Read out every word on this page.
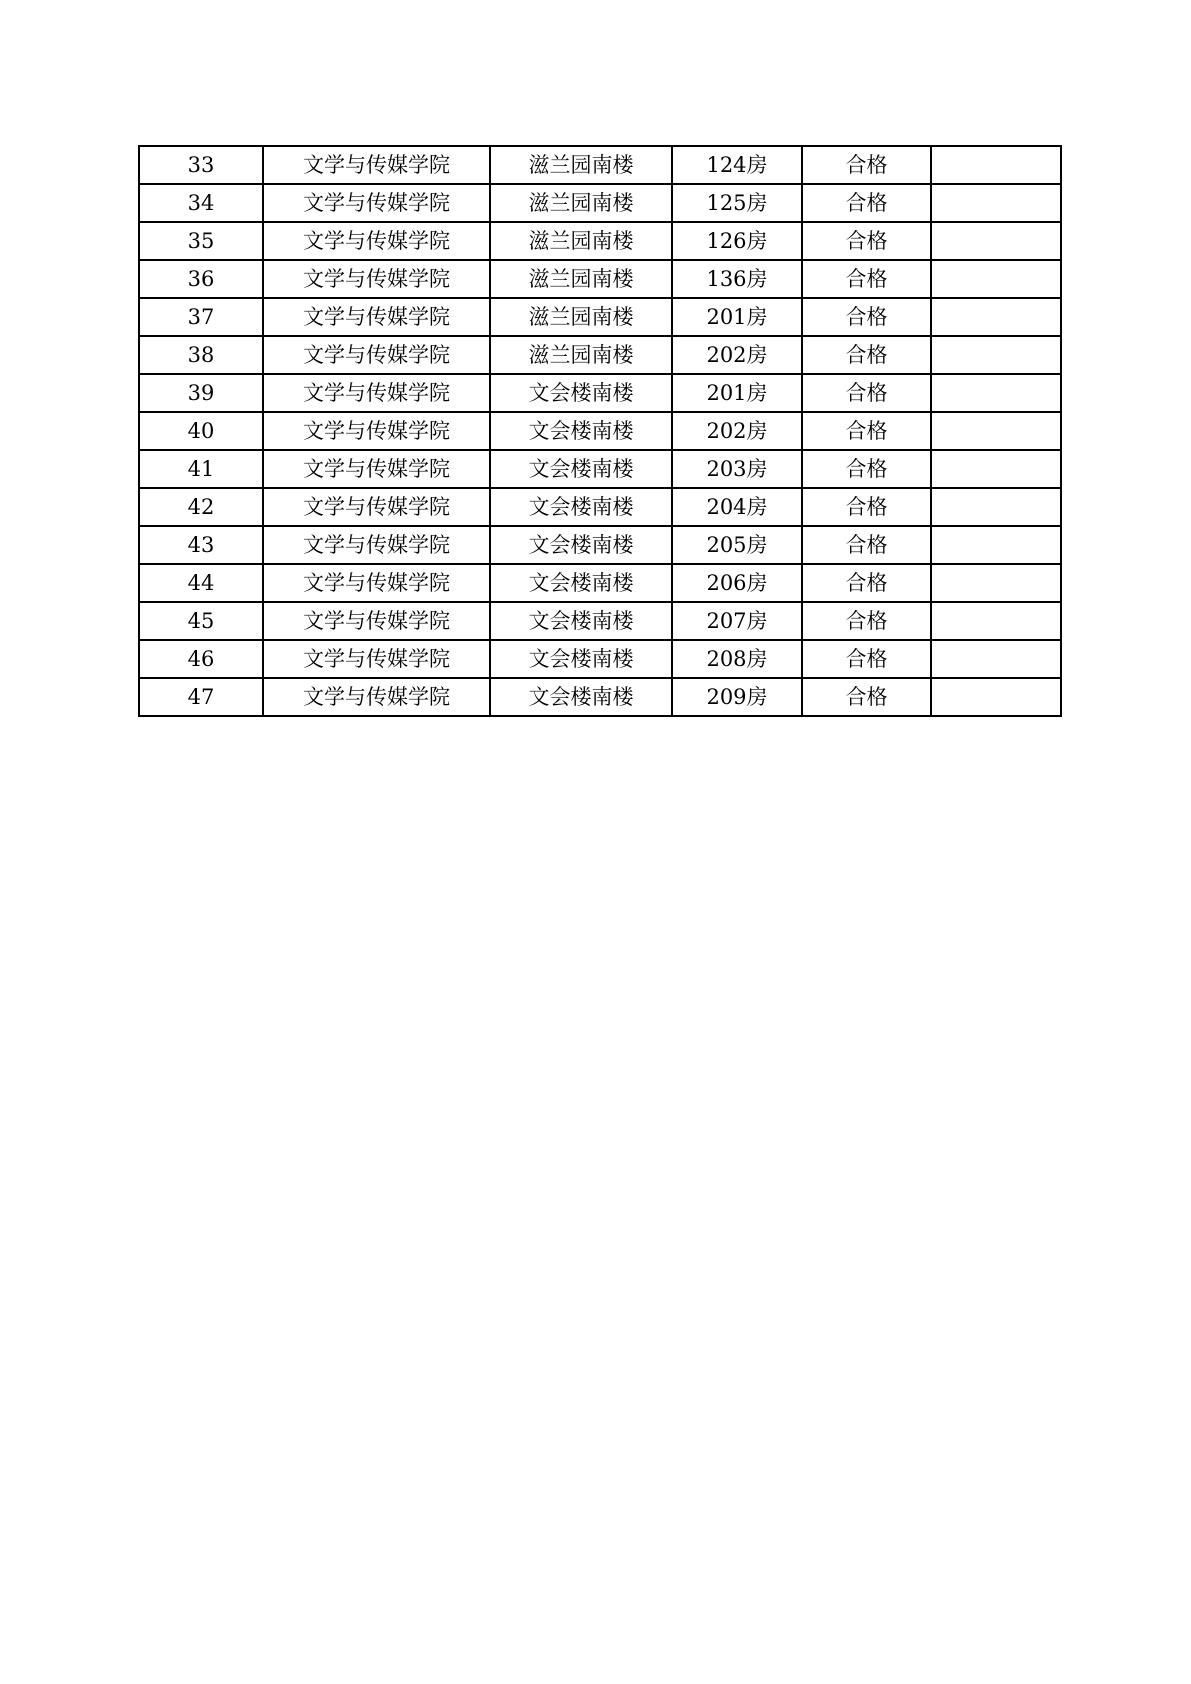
33	文学与传媒学院	滋兰园南楼	124房	合格	
34	文学与传媒学院	滋兰园南楼	125房	合格	
35	文学与传媒学院	滋兰园南楼	126房	合格	
36	文学与传媒学院	滋兰园南楼	136房	合格	
37	文学与传媒学院	滋兰园南楼	201房	合格	
38	文学与传媒学院	滋兰园南楼	202房	合格	
39	文学与传媒学院	文会楼南楼	201房	合格	
40	文学与传媒学院	文会楼南楼	202房	合格	
41	文学与传媒学院	文会楼南楼	203房	合格	
42	文学与传媒学院	文会楼南楼	204房	合格	
43	文学与传媒学院	文会楼南楼	205房	合格	
44	文学与传媒学院	文会楼南楼	206房	合格	
45	文学与传媒学院	文会楼南楼	207房	合格	
46	文学与传媒学院	文会楼南楼	208房	合格	
47	文学与传媒学院	文会楼南楼	209房	合格	
